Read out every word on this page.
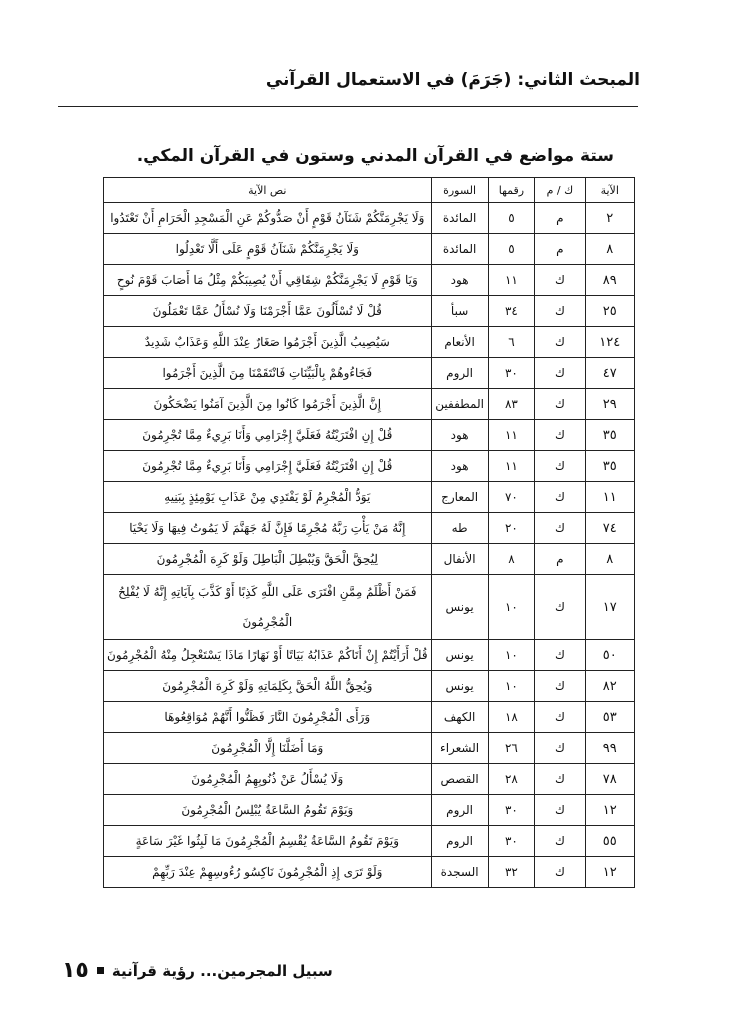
المبحث الثاني: (جَرَمَ) في الاستعمال القرآني
ستة مواضع في القرآن المدني وستون في القرآن المكي.
الآية	ك / م	رقمها	السورة	نص الآية
٢	م	٥	المائدة	وَلَا يَجْرِمَنَّكُمْ شَنَآنُ قَوْمٍ أَنْ صَدُّوكُمْ عَنِ الْمَسْجِدِ الْحَرَامِ أَنْ تَعْتَدُوا
٨	م	٥	المائدة	وَلَا يَجْرِمَنَّكُمْ شَنَآنُ قَوْمٍ عَلَى أَلَّا تَعْدِلُوا
٨٩	ك	١١	هود	وَيَا قَوْمِ لَا يَجْرِمَنَّكُمْ شِقَاقِي أَنْ يُصِيبَكُمْ مِثْلُ مَا أَصَابَ قَوْمَ نُوحٍ
٢٥	ك	٣٤	سبأ	قُلْ لَا تُسْأَلُونَ عَمَّا أَجْرَمْنَا وَلَا نُسْأَلُ عَمَّا تَعْمَلُونَ
١٢٤	ك	٦	الأنعام	سَيُصِيبُ الَّذِينَ أَجْرَمُوا صَغَارٌ عِنْدَ اللَّهِ وَعَذَابٌ شَدِيدٌ
٤٧	ك	٣٠	الروم	فَجَاءُوهُمْ بِالْبَيِّنَاتِ فَانْتَقَمْنَا مِنَ الَّذِينَ أَجْرَمُوا
٢٩	ك	٨٣	المطففين	إِنَّ الَّذِينَ أَجْرَمُوا كَانُوا مِنَ الَّذِينَ آمَنُوا يَضْحَكُونَ
٣٥	ك	١١	هود	قُلْ إِنِ افْتَرَيْتُهُ فَعَلَيَّ إِجْرَامِي وَأَنَا بَرِيءٌ مِمَّا تُجْرِمُونَ
٣٥	ك	١١	هود	قُلْ إِنِ افْتَرَيْتُهُ فَعَلَيَّ إِجْرَامِي وَأَنَا بَرِيءٌ مِمَّا تُجْرِمُونَ
١١	ك	٧٠	المعارج	يَوَدُّ الْمُجْرِمُ لَوْ يَفْتَدِي مِنْ عَذَابِ يَوْمِئِذٍ بِبَنِيهِ
٧٤	ك	٢٠	طه	إِنَّهُ مَنْ يَأْتِ رَبَّهُ مُجْرِمًا فَإِنَّ لَهُ جَهَنَّمَ لَا يَمُوتُ فِيهَا وَلَا يَحْيَا
٨	م	٨	الأنفال	لِيُحِقَّ الْحَقَّ وَيُبْطِلَ الْبَاطِلَ وَلَوْ كَرِهَ الْمُجْرِمُونَ
١٧	ك	١٠	يونس	فَمَنْ أَظْلَمُ مِمَّنِ افْتَرَى عَلَى اللَّهِ كَذِبًا أَوْ كَذَّبَ بِآيَاتِهِ إِنَّهُ لَا يُفْلِحُ الْمُجْرِمُونَ
٥٠	ك	١٠	يونس	قُلْ أَرَأَيْتُمْ إِنْ أَتَاكُمْ عَذَابُهُ بَيَاتًا أَوْ نَهَارًا مَاذَا يَسْتَعْجِلُ مِنْهُ الْمُجْرِمُونَ
٨٢	ك	١٠	يونس	وَيُحِقُّ اللَّهُ الْحَقَّ بِكَلِمَاتِهِ وَلَوْ كَرِهَ الْمُجْرِمُونَ
٥٣	ك	١٨	الكهف	وَرَأَى الْمُجْرِمُونَ النَّارَ فَظَنُّوا أَنَّهُمْ مُوَاقِعُوهَا
٩٩	ك	٢٦	الشعراء	وَمَا أَضَلَّنَا إِلَّا الْمُجْرِمُونَ
٧٨	ك	٢٨	القصص	وَلَا يُسْأَلُ عَنْ ذُنُوبِهِمُ الْمُجْرِمُونَ
١٢	ك	٣٠	الروم	وَيَوْمَ تَقُومُ السَّاعَةُ يُبْلِسُ الْمُجْرِمُونَ
٥٥	ك	٣٠	الروم	وَيَوْمَ تَقُومُ السَّاعَةُ يُقْسِمُ الْمُجْرِمُونَ مَا لَبِثُوا غَيْرَ سَاعَةٍ
١٢	ك	٣٢	السجدة	وَلَوْ تَرَى إِذِ الْمُجْرِمُونَ نَاكِسُو رُءُوسِهِمْ عِنْدَ رَبِّهِمْ
١٥ سبيل المجرمين... رؤية قرآنية
